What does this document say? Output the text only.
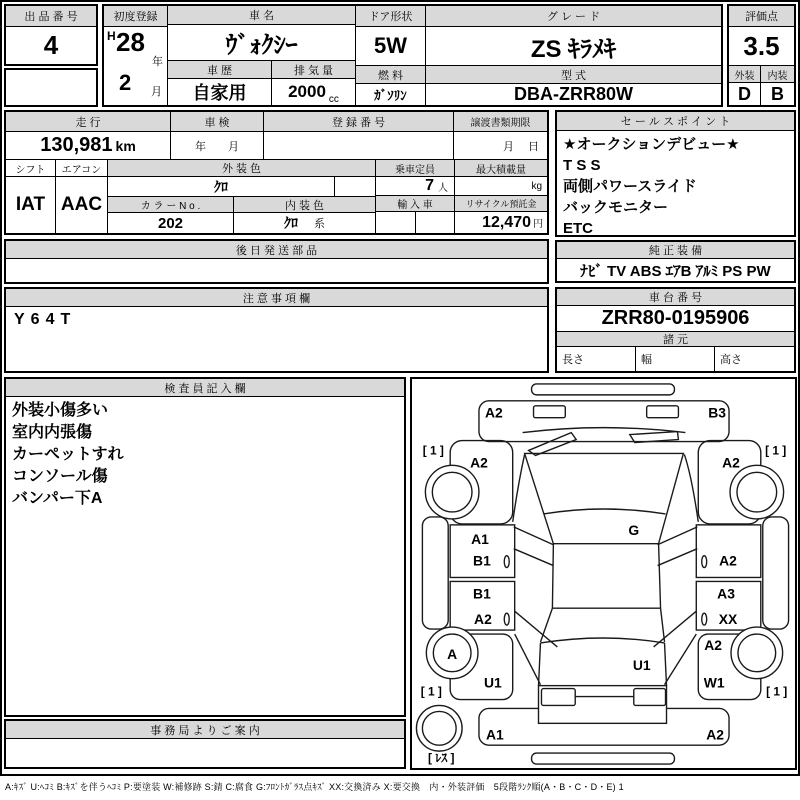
出 品 番 号
4
初度登録
H 28
年
2 月
車 名
ｳﾞｫｸｼｰ
車 歴	排 気 量
自家用	2000 cc
ドア形状
5W
燃 料
ｶﾞｿﾘﾝ
グ レ ー ド
ZS ｷﾗﾒｷ
型 式
DBA-ZRR80W
評価点
3.5
外装	内装
D	B
走 行
130,981 km
車 検
年　　月
登 録 番 号	譲渡書類期限
月　 日
シフト
IAT
エアコン
AAC
外 装 色
ｸﾛ
カ ラ ー N o .	内 装 色
202	ｸﾛ 系
乗車定員
7 人
輸 入 車
最大積載量
kg
リサイクル預託金
12,470 円
セ ー ル ス ポ イ ン ト
★オークションデビュー★
T S S
両側パワースライド
バックモニター
ETC
後 日 発 送 部 品	純 正 装 備
ﾅﾋﾞ TV ABS ｴｱB ｱﾙﾐ PS PW
注 意 事 項 欄
Y64T
車 台 番 号
ZRR80-0195906
諸 元
長さ	幅	高さ
検 査 員 記 入 欄
外装小傷多い
室内内張傷
カーペットすれ
コンソール傷
バンパー下A
事 務 局 よ り ご 案 内
A2	B3
[ 1 ]	[ 1 ]
A2	A2
A1
B1	A2
B1
A2
A3
XX
G
A
A2
U1
U1	W1
[ 1 ]	[ 1 ]
A1	A2
[ ﾚｽ ]
A:ｷｽﾞ U:ﾍｺﾐ B:ｷｽﾞを伴うﾍｺﾐ P:要塗装 W:補修跡 S:錆 C:腐食 G:ﾌﾛﾝﾄｶﾞﾗｽ点ｷｽﾞ XX:交換済み X:要交換　内・外装評価　5段階ﾗﾝｸ順(A・B・C・D・E) 1
